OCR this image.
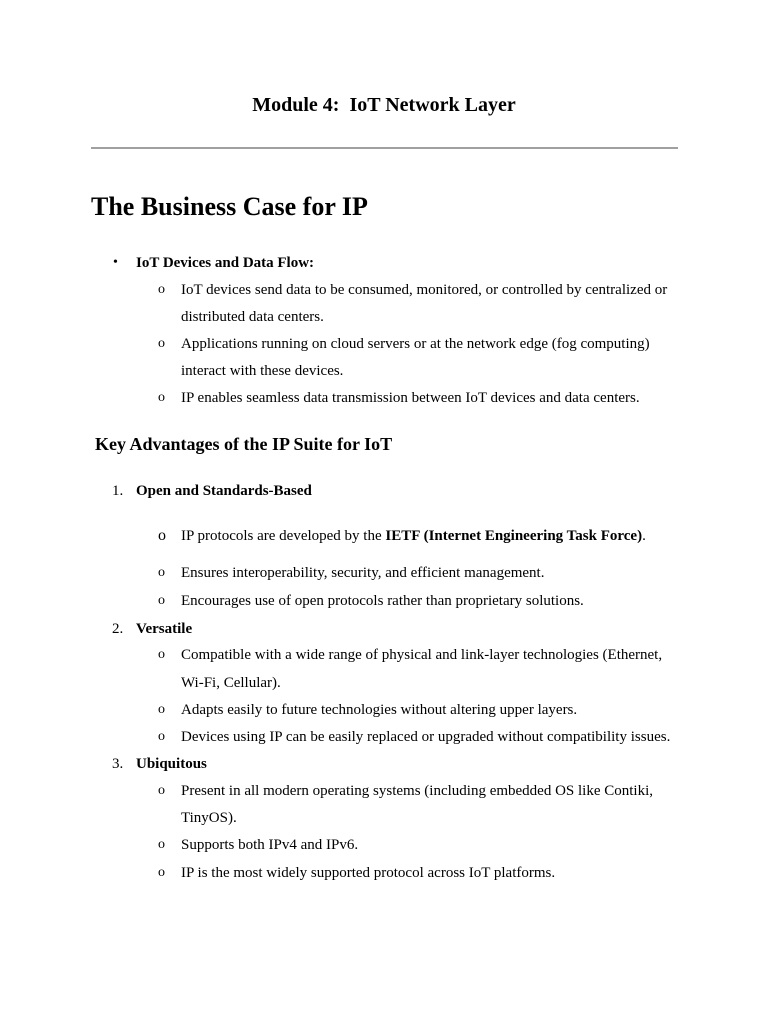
Module 4:  IoT Network Layer
The Business Case for IP
• IoT Devices and Data Flow:
o IoT devices send data to be consumed, monitored, or controlled by centralized or
distributed data centers.
o Applications running on cloud servers or at the network edge (fog computing)
interact with these devices.
o IP enables seamless data transmission between IoT devices and data centers.
Key Advantages of the IP Suite for IoT
1. Open and Standards-Based
o IP protocols are developed by the IETF (Internet Engineering Task Force).
o Ensures interoperability, security, and efficient management.
o Encourages use of open protocols rather than proprietary solutions.
2. Versatile
o Compatible with a wide range of physical and link-layer technologies (Ethernet,
Wi-Fi, Cellular).
o Adapts easily to future technologies without altering upper layers.
o Devices using IP can be easily replaced or upgraded without compatibility issues.
3. Ubiquitous
o Present in all modern operating systems (including embedded OS like Contiki,
TinyOS).
o Supports both IPv4 and IPv6.
o IP is the most widely supported protocol across IoT platforms.
